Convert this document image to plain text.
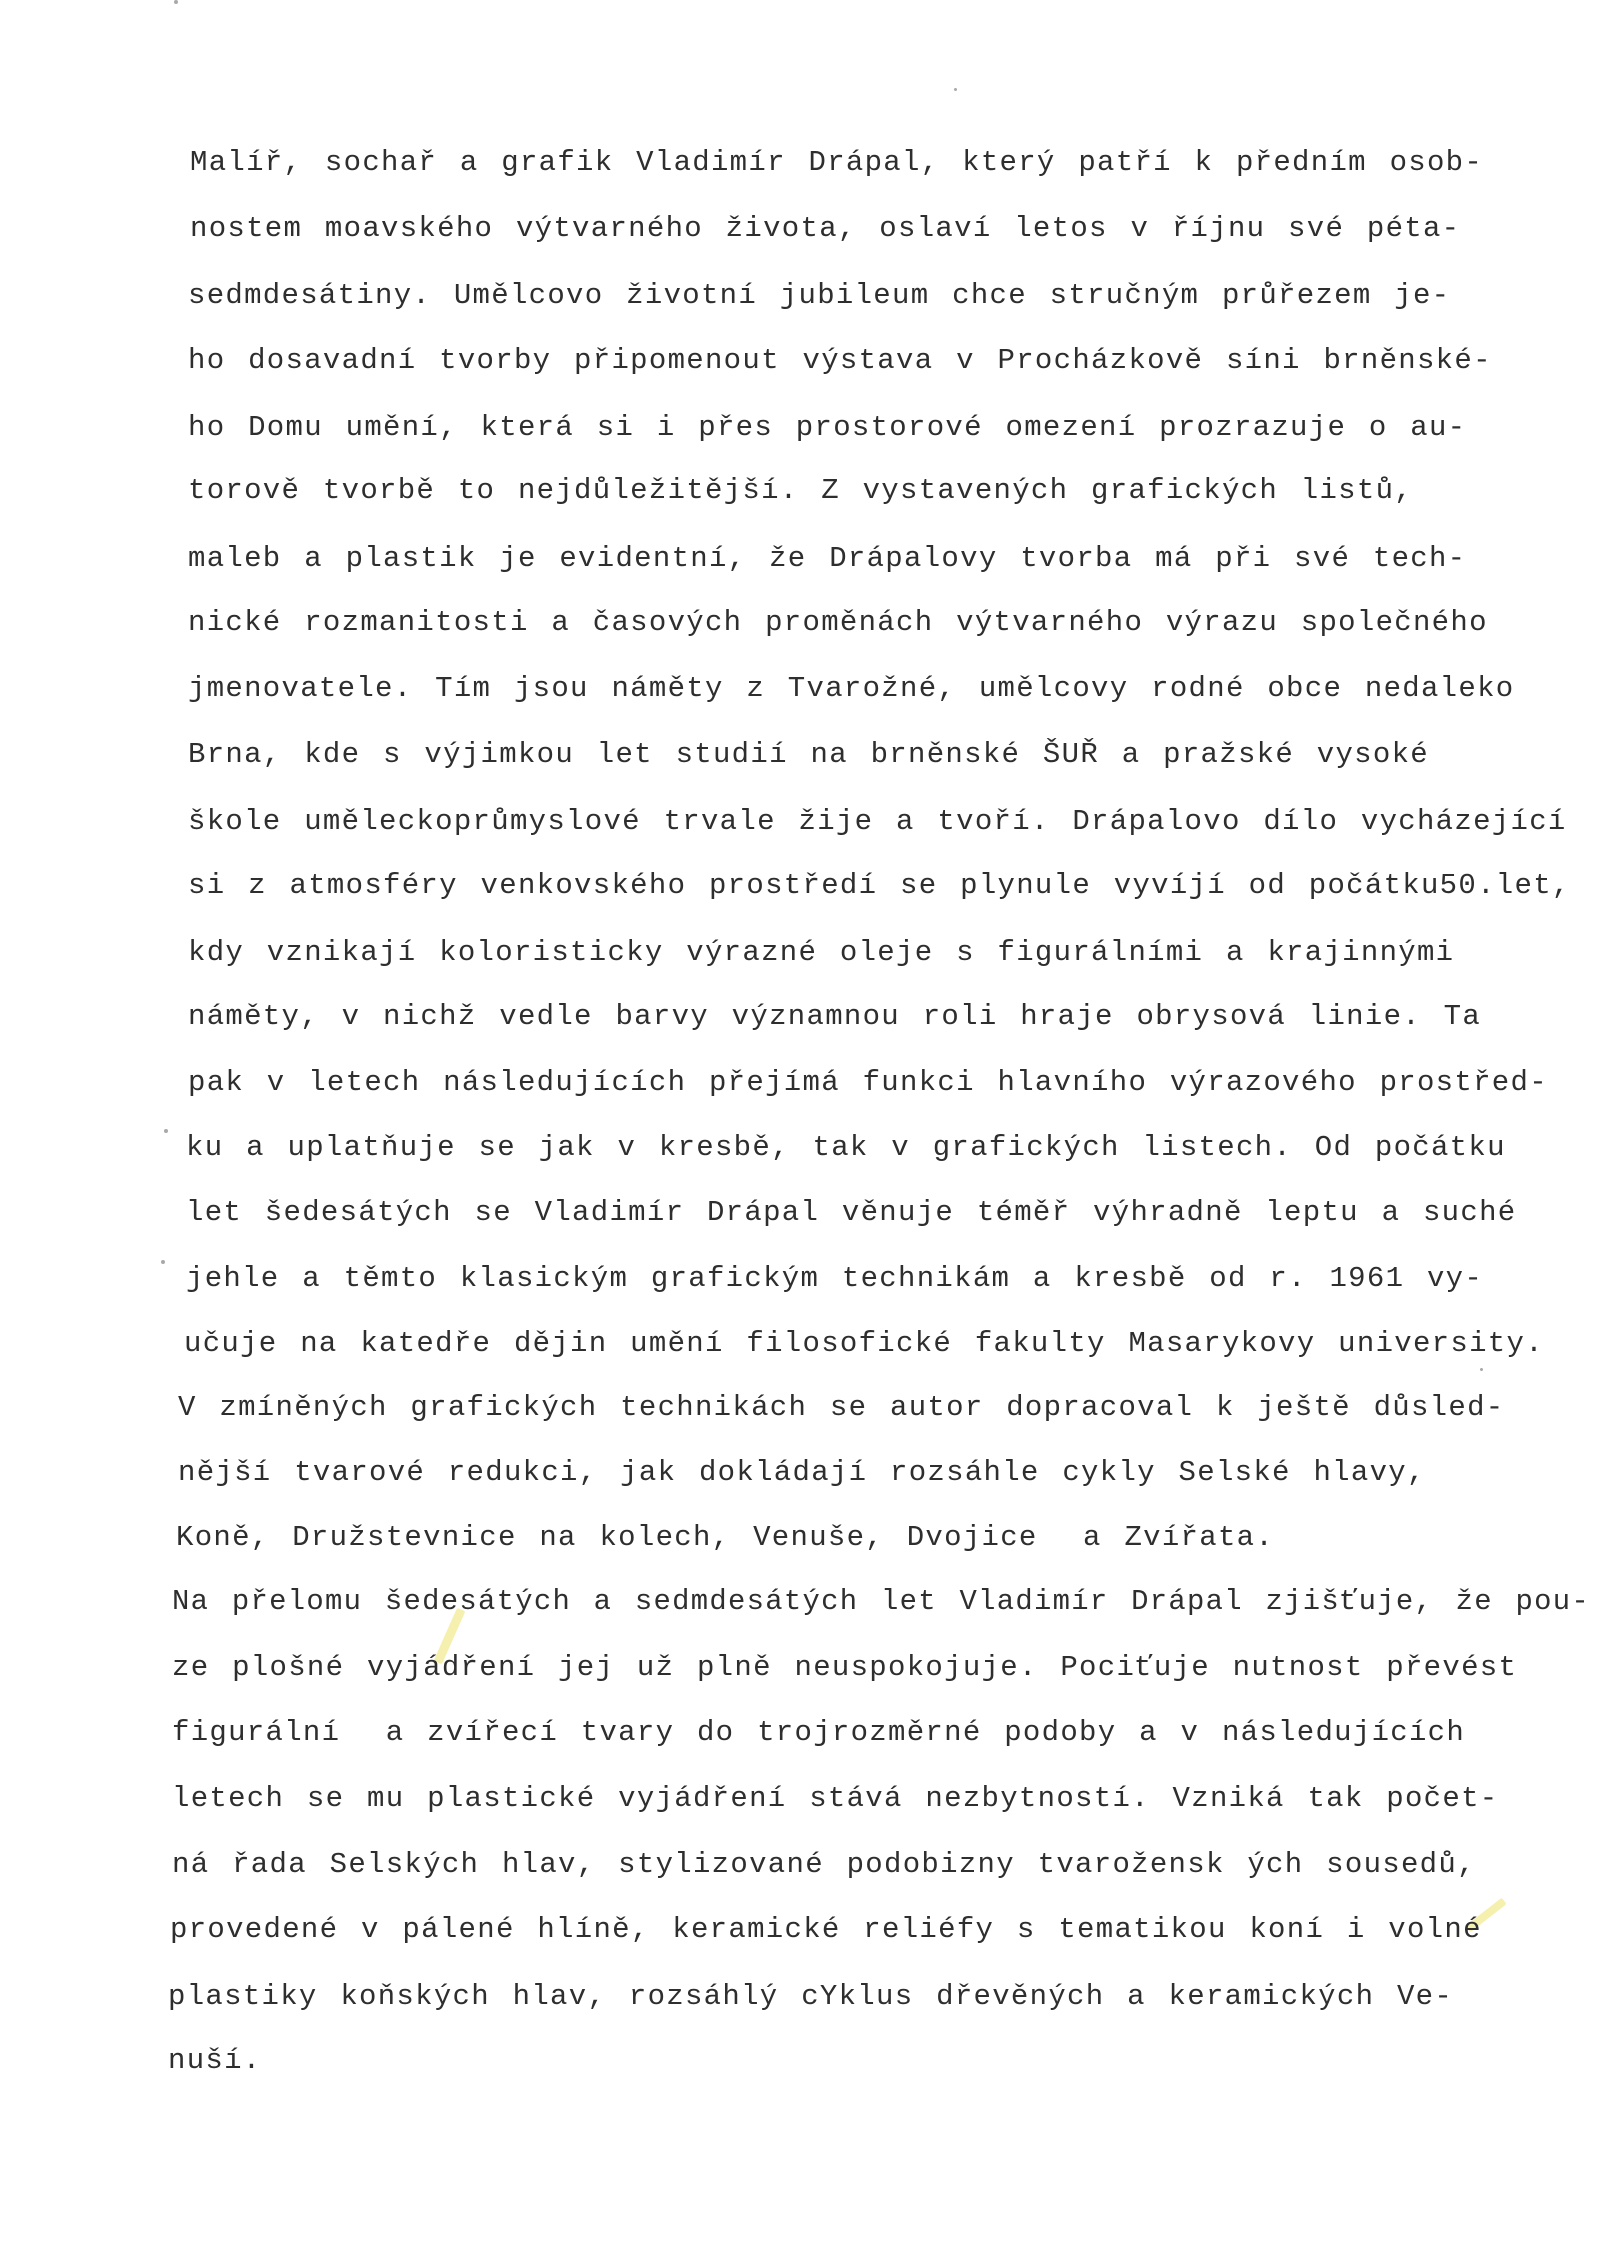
Malíř, sochař a grafik Vladimír Drápal, který patří k předním osob-
nostem moavského výtvarného života, oslaví letos v říjnu své péta-
sedmdesátiny. Umělcovo životní jubileum chce stručným průřezem je-
ho dosavadní tvorby připomenout výstava v Procházkově síni brněnské-
ho Domu umění, která si i přes prostorové omezení prozrazuje o au-
torově tvorbě to nejdůležitější. Z vystavených grafických listů,
maleb a plastik je evidentní, že Drápalovy tvorba má při své tech-
nické rozmanitosti a časových proměnách výtvarného výrazu společného
jmenovatele. Tím jsou náměty z Tvarožné, umělcovy rodné obce nedaleko
Brna, kde s výjimkou let studií na brněnské ŠUŘ a pražské vysoké
škole uměleckoprůmyslové trvale žije a tvoří. Drápalovo dílo vycházející
si z atmosféry venkovského prostředí se plynule vyvíjí od počátku50.let,
kdy vznikají koloristicky výrazné oleje s figurálními a krajinnými
náměty, v nichž vedle barvy významnou roli hraje obrysová linie. Ta
pak v letech následujících přejímá funkci hlavního výrazového prostřed-
ku a uplatňuje se jak v kresbě, tak v grafických listech. Od počátku
let šedesátých se Vladimír Drápal věnuje téměř výhradně leptu a suché
jehle a těmto klasickým grafickým technikám a kresbě od r. 1961 vy-
učuje na katedře dějin umění filosofické fakulty Masarykovy university.
V zmíněných grafických technikách se autor dopracoval k ještě důsled-
nější tvarové redukci, jak dokládají rozsáhle cykly Selské hlavy,
Koně, Družstevnice na kolech, Venuše, Dvojice  a Zvířata.
Na přelomu šedesátých a sedmdesátých let Vladimír Drápal zjišťuje, že pou-
ze plošné vyjádření jej už plně neuspokojuje. Pociťuje nutnost převést
figurální  a zvířecí tvary do trojrozměrné podoby a v následujících
letech se mu plastické vyjádření stává nezbytností. Vzniká tak počet-
ná řada Selských hlav, stylizované podobizny tvarožensk ých sousedů,
provedené v pálené hlíně, keramické reliéfy s tematikou koní i volné
plastiky koňských hlav, rozsáhlý cYklus dřevěných a keramických Ve-
nuší.
